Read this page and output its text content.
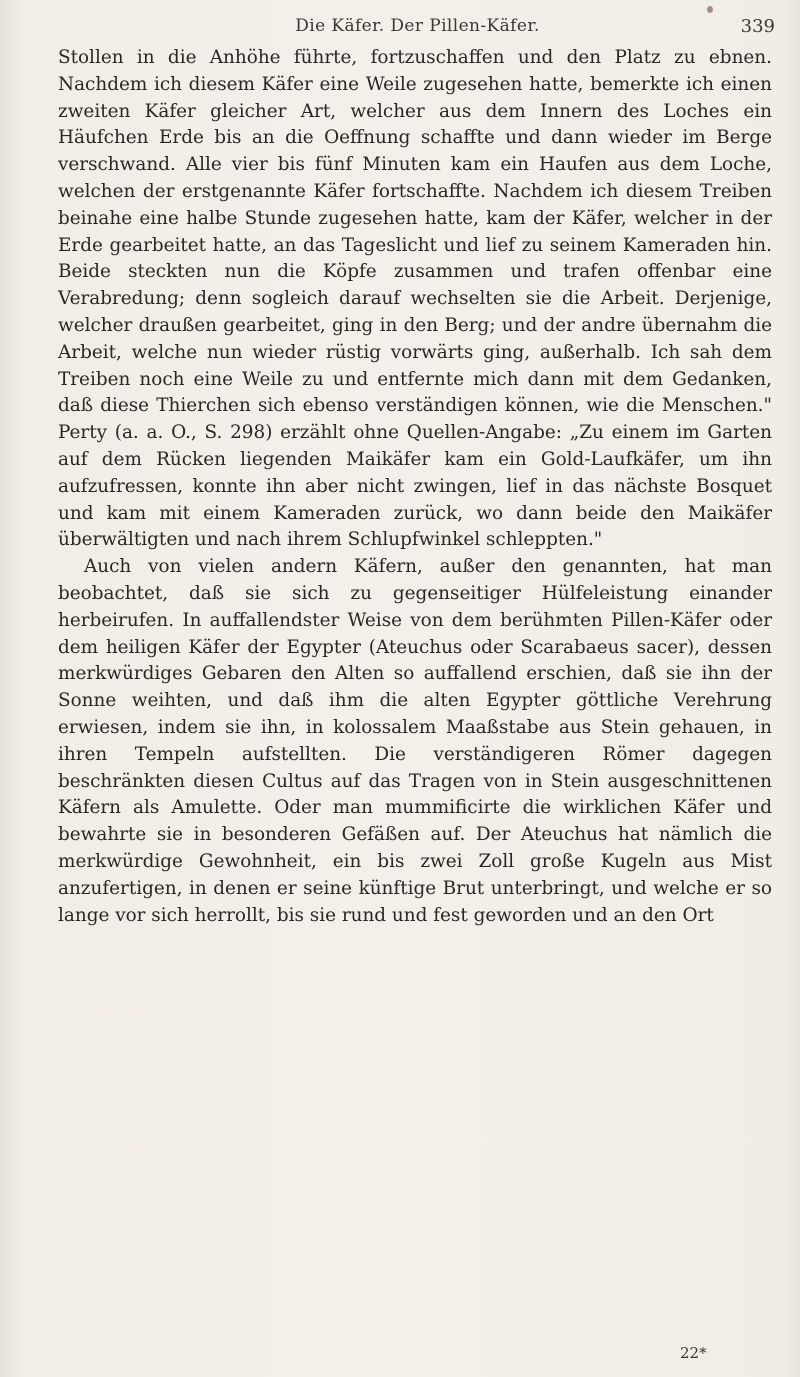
Die Käfer. Der Pillen-Käfer.	339

Stollen in die Anhöhe führte, fortzuschaffen und den Platz zu ebnen. Nachdem ich diesem Käfer eine Weile zugesehen hatte, bemerkte ich einen zweiten Käfer gleicher Art, welcher aus dem Innern des Loches ein Häufchen Erde bis an die Oeffnung schaffte und dann wieder im Berge verschwand. Alle vier bis fünf Minuten kam ein Haufen aus dem Loche, welchen der erstgenannte Käfer fortschaffte. Nachdem ich diesem Treiben beinahe eine halbe Stunde zugesehen hatte, kam der Käfer, welcher in der Erde gearbeitet hatte, an das Tageslicht und lief zu seinem Kameraden hin. Beide steckten nun die Köpfe zusammen und trafen offenbar eine Verabredung; denn sogleich darauf wechselten sie die Arbeit. Derjenige, welcher draußen gearbeitet, ging in den Berg; und der andre übernahm die Arbeit, welche nun wieder rüstig vorwärts ging, außerhalb. Ich sah dem Treiben noch eine Weile zu und entfernte mich dann mit dem Gedanken, daß diese Thierchen sich ebenso verständigen können, wie die Menschen." Perty (a. a. O., S. 298) erzählt ohne Quellen-Angabe: „Zu einem im Garten auf dem Rücken liegenden Maikäfer kam ein Gold-Laufkäfer, um ihn aufzufressen, konnte ihn aber nicht zwingen, lief in das nächste Bosquet und kam mit einem Kameraden zurück, wo dann beide den Maikäfer überwältigten und nach ihrem Schlupfwinkel schleppten."

Auch von vielen andern Käfern, außer den genannten, hat man beobachtet, daß sie sich zu gegenseitiger Hülfeleistung einander herbeirufen. In auffallendster Weise von dem berühmten Pillen-Käfer oder dem heiligen Käfer der Egypter (Ateuchus oder Scarabaeus sacer), dessen merkwürdiges Gebaren den Alten so auffallend erschien, daß sie ihn der Sonne weihten, und daß ihm die alten Egypter göttliche Verehrung erwiesen, indem sie ihn, in kolossalem Maaßstabe aus Stein gehauen, in ihren Tempeln aufstellten. Die verständigeren Römer dagegen beschränkten diesen Cultus auf das Tragen von in Stein ausgeschnittenen Käfern als Amulette. Oder man mummificirte die wirklichen Käfer und bewahrte sie in besonderen Gefäßen auf. Der Ateuchus hat nämlich die merkwürdige Gewohnheit, ein bis zwei Zoll große Kugeln aus Mist anzufertigen, in denen er seine künftige Brut unterbringt, und welche er so lange vor sich herrollt, bis sie rund und fest geworden und an den Ort

22*
